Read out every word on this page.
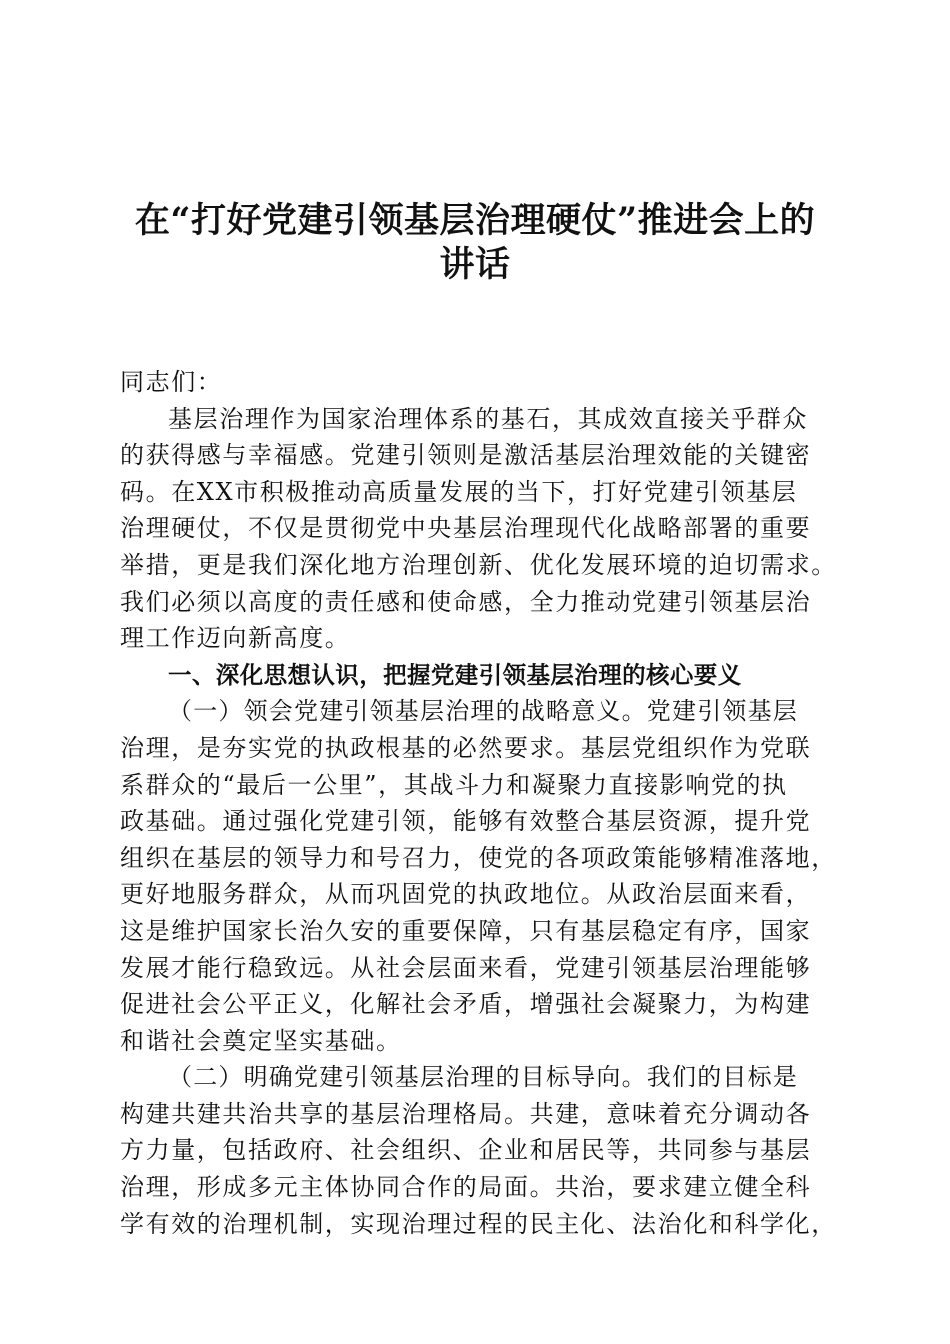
在“打好党建引领基层治理硬仗”推进会上的
讲话
同志们：
基层治理作为国家治理体系的基石，其成效直接关乎群众
的获得感与幸福感。党建引领则是激活基层治理效能的关键密
码。在XX市积极推动高质量发展的当下，打好党建引领基层
治理硬仗，不仅是贯彻党中央基层治理现代化战略部署的重要
举措，更是我们深化地方治理创新、优化发展环境的迫切需求。
我们必须以高度的责任感和使命感，全力推动党建引领基层治
理工作迈向新高度。
一、深化思想认识，把握党建引领基层治理的核心要义
（一）领会党建引领基层治理的战略意义。党建引领基层
治理，是夯实党的执政根基的必然要求。基层党组织作为党联
系群众的“最后一公里”，其战斗力和凝聚力直接影响党的执
政基础。通过强化党建引领，能够有效整合基层资源，提升党
组织在基层的领导力和号召力，使党的各项政策能够精准落地，
更好地服务群众，从而巩固党的执政地位。从政治层面来看，
这是维护国家长治久安的重要保障，只有基层稳定有序，国家
发展才能行稳致远。从社会层面来看，党建引领基层治理能够
促进社会公平正义，化解社会矛盾，增强社会凝聚力，为构建
和谐社会奠定坚实基础。
（二）明确党建引领基层治理的目标导向。我们的目标是
构建共建共治共享的基层治理格局。共建，意味着充分调动各
方力量，包括政府、社会组织、企业和居民等，共同参与基层
治理，形成多元主体协同合作的局面。共治，要求建立健全科
学有效的治理机制，实现治理过程的民主化、法治化和科学化，
